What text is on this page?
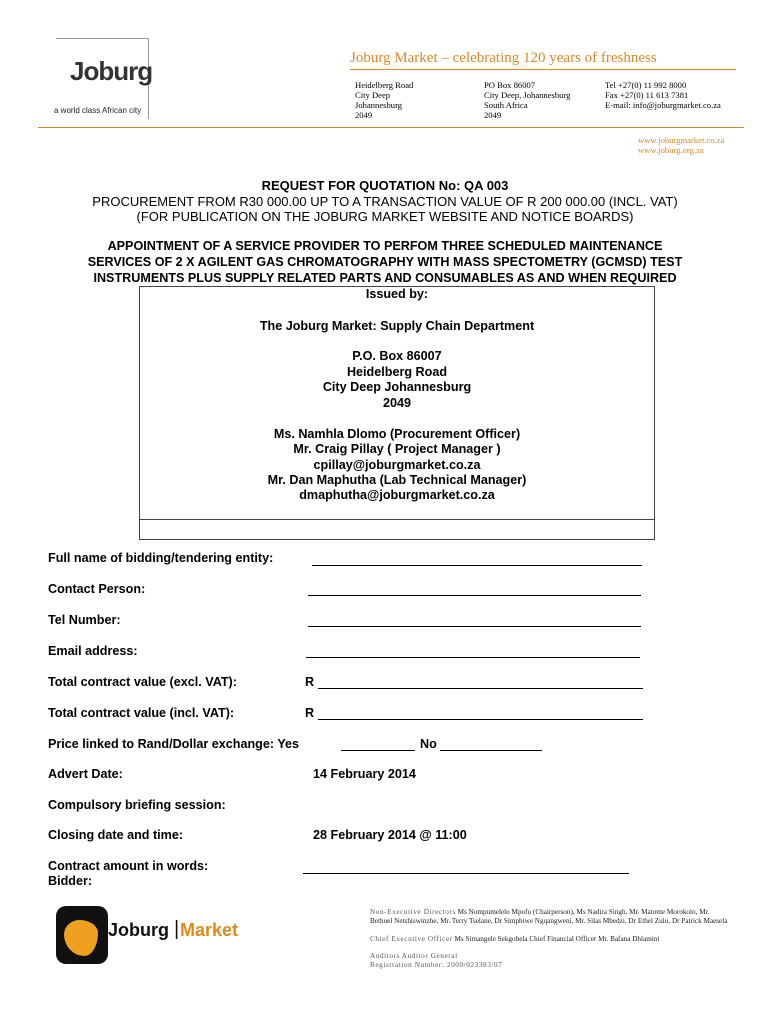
Joburg
a world class African city
Joburg Market – celebrating 120 years of freshness
Heidelberg Road
City Deep
Johannesburg
2049
PO Box 86007
City Deep, Johannesburg
South Africa
2049
Tel +27(0) 11 992 8000
Fax +27(0) 11 613 7381
E-mail: info@joburgmarket.co.za
www.joburgmarket.co.za
www.joburg.org.za
REQUEST FOR QUOTATION No: QA 003
PROCUREMENT FROM R30 000.00 UP TO A TRANSACTION VALUE OF R 200 000.00 (INCL. VAT)
(FOR PUBLICATION ON THE JOBURG MARKET WEBSITE AND NOTICE BOARDS)
APPOINTMENT OF A SERVICE PROVIDER TO PERFOM THREE SCHEDULED MAINTENANCE
SERVICES OF 2 X AGILENT GAS CHROMATOGRAPHY WITH MASS SPECTOMETRY (GCMSD) TEST
INSTRUMENTS PLUS SUPPLY RELATED PARTS AND CONSUMABLES AS AND WHEN REQUIRED
Issued by:
The Joburg Market: Supply Chain Department
P.O. Box 86007
Heidelberg Road
City Deep Johannesburg
2049
Ms. Namhla Dlomo (Procurement Officer)
Mr. Craig Pillay ( Project Manager )
cpillay@joburgmarket.co.za
Mr. Dan Maphutha (Lab Technical Manager)
dmaphutha@joburgmarket.co.za
Full name of bidding/tendering entity:
Contact Person:
Tel Number:
Email address:
Total contract value (excl. VAT):	R
Total contract value (incl. VAT):	R
Price linked to Rand/Dollar exchange: Yes	No
Advert Date:	14 February 2014
Compulsory briefing session:
Closing date and time:	28 February 2014 @ 11:00
Contract amount in words:
Bidder:
Joburg | Market
Non-Executive Directors Ms Nompumelelo Mpofu (Chairperson), Ms Nadira Singh, Mr. Matome Morokolo, Mr. Bethuel Netshiswinzhe, Mr. Terry Tselane, Dr Simphiwe Ngqangweni, Mr. Silas Mbedzi, Dr Ethel Zulu, Dr Patrick Maesela
Chief Executive Officer Ms Simangele Sekgobela Chief Financial Officer Mr. Bafana Dhlamini
Auditors Auditor General
Registration Number: 2000/023383/07
